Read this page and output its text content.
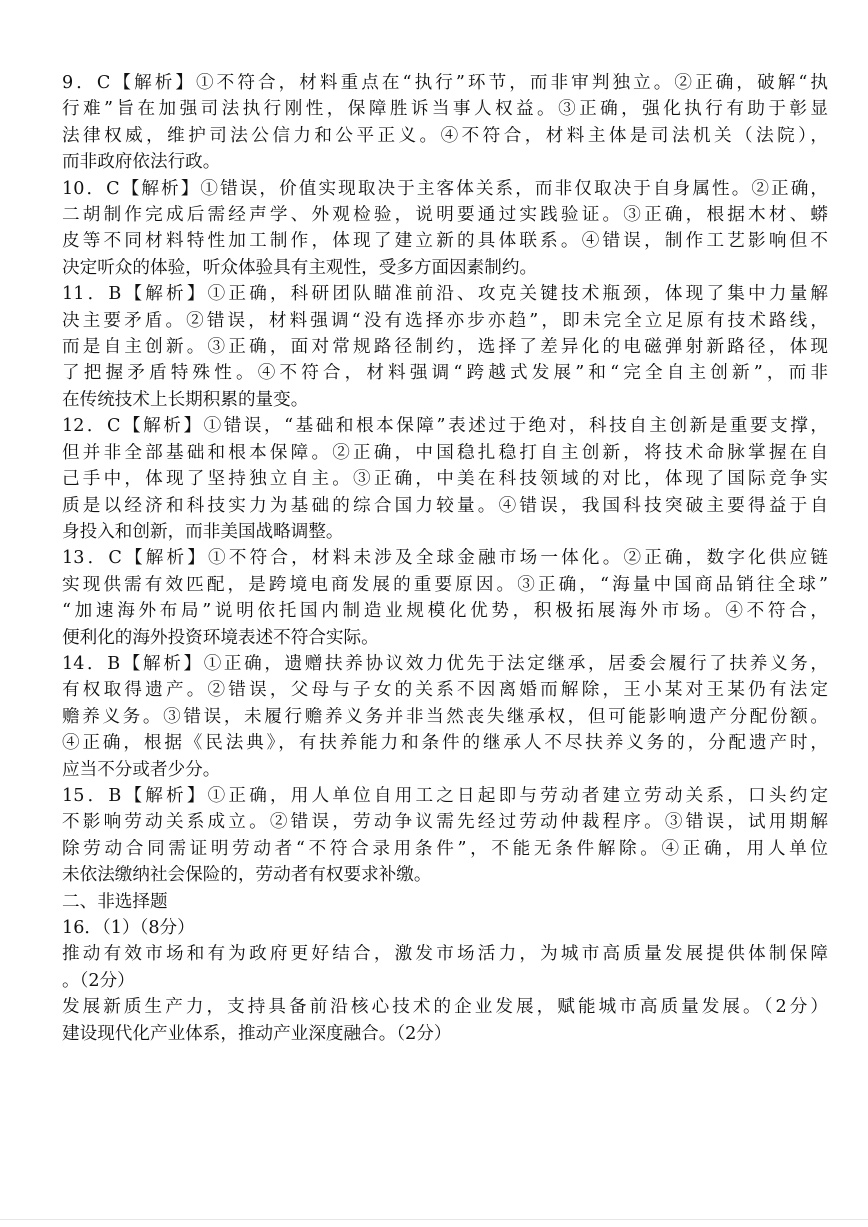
9．C【解析】①不符合，材料重点在“执行”环节，而非审判独立。②正确，破解“执
行难”旨在加强司法执行刚性，保障胜诉当事人权益。③正确，强化执行有助于彰显
法律权威，维护司法公信力和公平正义。④不符合，材料主体是司法机关（法院），
而非政府依法行政。
10．C【解析】①错误，价值实现取决于主客体关系，而非仅取决于自身属性。②正确，
二胡制作完成后需经声学、外观检验，说明要通过实践验证。③正确，根据木材、蟒
皮等不同材料特性加工制作，体现了建立新的具体联系。④错误，制作工艺影响但不
决定听众的体验，听众体验具有主观性，受多方面因素制约。
11．B【解析】①正确，科研团队瞄准前沿、攻克关键技术瓶颈，体现了集中力量解
决主要矛盾。②错误，材料强调“没有选择亦步亦趋”，即未完全立足原有技术路线，
而是自主创新。③正确，面对常规路径制约，选择了差异化的电磁弹射新路径，体现
了把握矛盾特殊性。④不符合，材料强调“跨越式发展”和“完全自主创新”，而非
在传统技术上长期积累的量变。
12．C【解析】①错误，“基础和根本保障”表述过于绝对，科技自主创新是重要支撑，
但并非全部基础和根本保障。②正确，中国稳扎稳打自主创新，将技术命脉掌握在自
己手中，体现了坚持独立自主。③正确，中美在科技领域的对比，体现了国际竞争实
质是以经济和科技实力为基础的综合国力较量。④错误，我国科技突破主要得益于自
身投入和创新，而非美国战略调整。
13．C【解析】①不符合，材料未涉及全球金融市场一体化。②正确，数字化供应链
实现供需有效匹配，是跨境电商发展的重要原因。③正确，“海量中国商品销往全球”
“加速海外布局”说明依托国内制造业规模化优势，积极拓展海外市场。④不符合，
便利化的海外投资环境表述不符合实际。
14．B【解析】①正确，遗赠扶养协议效力优先于法定继承，居委会履行了扶养义务，
有权取得遗产。②错误，父母与子女的关系不因离婚而解除，王小某对王某仍有法定
赡养义务。③错误，未履行赡养义务并非当然丧失继承权，但可能影响遗产分配份额。
④正确，根据《民法典》，有扶养能力和条件的继承人不尽扶养义务的，分配遗产时，
应当不分或者少分。
15．B【解析】①正确，用人单位自用工之日起即与劳动者建立劳动关系，口头约定
不影响劳动关系成立。②错误，劳动争议需先经过劳动仲裁程序。③错误，试用期解
除劳动合同需证明劳动者“不符合录用条件”，不能无条件解除。④正确，用人单位
未依法缴纳社会保险的，劳动者有权要求补缴。
二、非选择题
16．（1）（8分）
推动有效市场和有为政府更好结合，激发市场活力，为城市高质量发展提供体制保障
。（2分）
发展新质生产力，支持具备前沿核心技术的企业发展，赋能城市高质量发展。（2分）
建设现代化产业体系，推动产业深度融合。（2分）
